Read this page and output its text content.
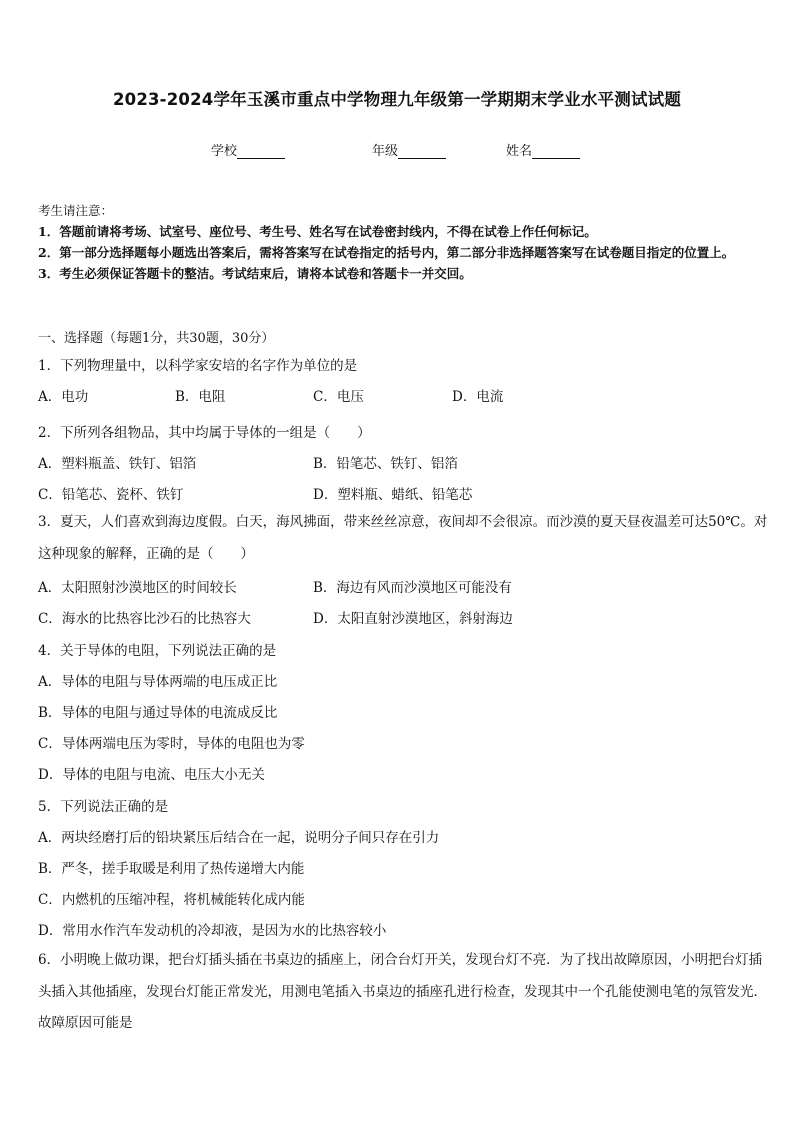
2023-2024学年玉溪市重点中学物理九年级第一学期期末学业水平测试试题
学校	年级	姓名
考生请注意：
1．答题前请将考场、试室号、座位号、考生号、姓名写在试卷密封线内，不得在试卷上作任何标记。
2．第一部分选择题每小题选出答案后，需将答案写在试卷指定的括号内，第二部分非选择题答案写在试卷题目指定的位置上。
3．考生必须保证答题卡的整洁。考试结束后，请将本试卷和答题卡一并交回。
一、选择题（每题1分，共30题，30分）
1．下列物理量中，以科学家安培的名字作为单位的是
A．电功	B．电阻	C．电压	D．电流
2．下所列各组物品，其中均属于导体的一组是（　　）
A．塑料瓶盖、铁钉、铝箔	B．铅笔芯、铁钉、铝箔
C．铅笔芯、瓷杯、铁钉	D．塑料瓶、蜡纸、铅笔芯
3．夏天，人们喜欢到海边度假。白天，海风拂面，带来丝丝凉意，夜间却不会很凉。而沙漠的夏天昼夜温差可达50℃。对这种现象的解释，正确的是（　　）
A．太阳照射沙漠地区的时间较长	B．海边有风而沙漠地区可能没有
C．海水的比热容比沙石的比热容大	D．太阳直射沙漠地区，斜射海边
4．关于导体的电阻，下列说法正确的是
A．导体的电阻与导体两端的电压成正比
B．导体的电阻与通过导体的电流成反比
C．导体两端电压为零时，导体的电阻也为零
D．导体的电阻与电流、电压大小无关
5．下列说法正确的是
A．两块经磨打后的铅块紧压后结合在一起，说明分子间只存在引力
B．严冬，搓手取暖是利用了热传递增大内能
C．内燃机的压缩冲程，将机械能转化成内能
D．常用水作汽车发动机的冷却液，是因为水的比热容较小
6．小明晚上做功课，把台灯插头插在书桌边的插座上，闭合台灯开关，发现台灯不亮．为了找出故障原因，小明把台灯插头插入其他插座，发现台灯能正常发光，用测电笔插入书桌边的插座孔进行检查，发现其中一个孔能使测电笔的氖管发光．故障原因可能是
